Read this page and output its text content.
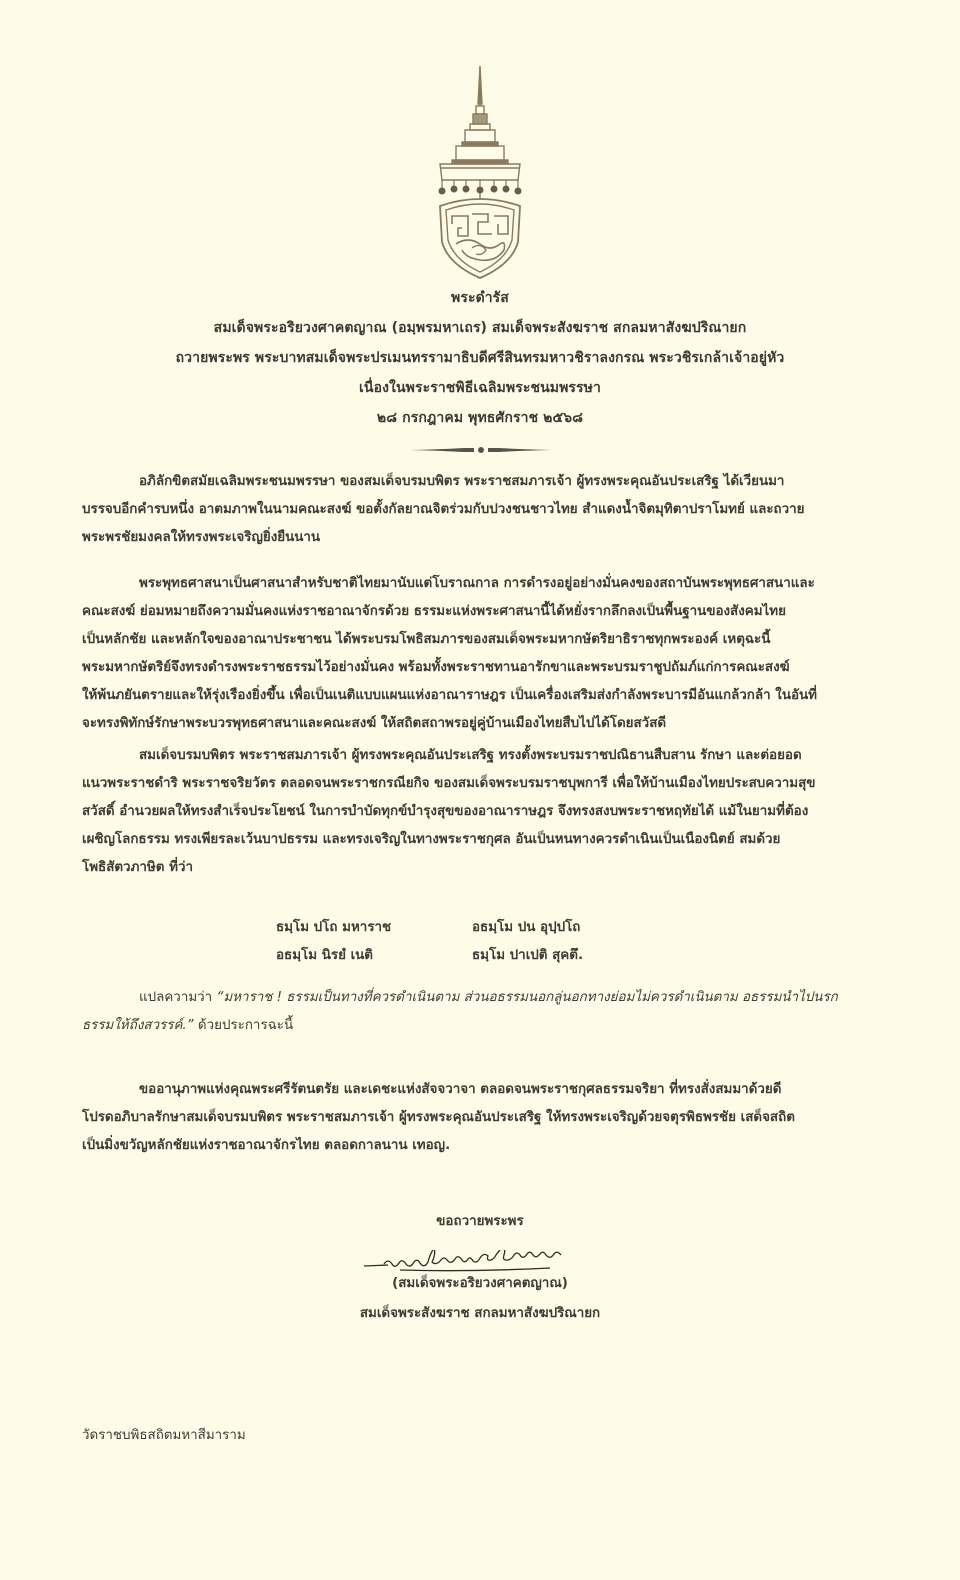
พระดำรัส
สมเด็จพระอริยวงศาคตญาณ (อมฺพรมหาเถร) สมเด็จพระสังฆราช สกลมหาสังฆปริณายก
ถวายพระพร พระบาทสมเด็จพระปรเมนทรรามาธิบดีศรีสินทรมหาวชิราลงกรณ พระวชิรเกล้าเจ้าอยู่หัว
เนื่องในพระราชพิธีเฉลิมพระชนมพรรษา
๒๘ กรกฎาคม พุทธศักราช ๒๕๖๘

อภิลักขิตสมัยเฉลิมพระชนมพรรษา ของสมเด็จบรมบพิตร พระราชสมภารเจ้า ผู้ทรงพระคุณอันประเสริฐ ได้เวียนมา
บรรจบอีกคำรบหนึ่ง อาตมภาพในนามคณะสงฆ์ ขอตั้งกัลยาณจิตร่วมกับปวงชนชาวไทย สำแดงน้ำจิตมุทิตาปราโมทย์ และถวาย
พระพรชัยมงคลให้ทรงพระเจริญยิ่งยืนนาน

พระพุทธศาสนาเป็นศาสนาสำหรับชาติไทยมานับแต่โบราณกาล การดำรงอยู่อย่างมั่นคงของสถาบันพระพุทธศาสนาและ
คณะสงฆ์ ย่อมหมายถึงความมั่นคงแห่งราชอาณาจักรด้วย ธรรมะแห่งพระศาสนานี้ได้หยั่งรากลึกลงเป็นพื้นฐานของสังคมไทย
เป็นหลักชัย และหลักใจของอาณาประชาชน ได้พระบรมโพธิสมภารของสมเด็จพระมหากษัตริยาธิราชทุกพระองค์ เหตุฉะนี้
พระมหากษัตริย์จึงทรงดำรงพระราชธรรมไว้อย่างมั่นคง พร้อมทั้งพระราชทานอารักขาและพระบรมราชูปถัมภ์แก่การคณะสงฆ์
ให้พ้นภยันตรายและให้รุ่งเรืองยิ่งขึ้น เพื่อเป็นเนติแบบแผนแห่งอาณาราษฎร เป็นเครื่องเสริมส่งกำลังพระบารมีอันแกล้วกล้า ในอันที่
จะทรงพิทักษ์รักษาพระบวรพุทธศาสนาและคณะสงฆ์ ให้สถิตสถาพรอยู่คู่บ้านเมืองไทยสืบไปได้โดยสวัสดี

สมเด็จบรมบพิตร พระราชสมภารเจ้า ผู้ทรงพระคุณอันประเสริฐ ทรงตั้งพระบรมราชปณิธานสืบสาน รักษา และต่อยอด
แนวพระราชดำริ พระราชจริยวัตร ตลอดจนพระราชกรณียกิจ ของสมเด็จพระบรมราชบุพการี เพื่อให้บ้านเมืองไทยประสบความสุข
สวัสดิ์ อำนวยผลให้ทรงสำเร็จประโยชน์ ในการบำบัดทุกข์บำรุงสุขของอาณาราษฎร จึงทรงสงบพระราชหฤทัยได้ แม้ในยามที่ต้อง
เผชิญโลกธรรม ทรงเพียรละเว้นบาปธรรม และทรงเจริญในทางพระราชกุศล อันเป็นหนทางควรดำเนินเป็นเนืองนิตย์ สมด้วย
โพธิสัตวภาษิต ที่ว่า

ธมฺโม ปโถ มหาราช	อธมฺโม ปน อุปฺปโถ
อธมฺโม นิรยํ เนติ	ธมฺโม ปาเปติ สุคตึ.

แปลความว่า “มหาราช ! ธรรมเป็นทางที่ควรดำเนินตาม ส่วนอธรรมนอกลู่นอกทางย่อมไม่ควรดำเนินตาม อธรรมนำไปนรก
ธรรมให้ถึงสวรรค์.” ด้วยประการฉะนี้

ขออานุภาพแห่งคุณพระศรีรัตนตรัย และเดชะแห่งสัจจวาจา ตลอดจนพระราชกุศลธรรมจริยา ที่ทรงสั่งสมมาด้วยดี
โปรดอภิบาลรักษาสมเด็จบรมบพิตร พระราชสมภารเจ้า ผู้ทรงพระคุณอันประเสริฐ ให้ทรงพระเจริญด้วยจตุรพิธพรชัย เสด็จสถิต
เป็นมิ่งขวัญหลักชัยแห่งราชอาณาจักรไทย ตลอดกาลนาน เทอญ.

ขอถวายพระพร
(สมเด็จพระอริยวงศาคตญาณ)
สมเด็จพระสังฆราช สกลมหาสังฆปริณายก
วัดราชบพิธสถิตมหาสีมาราม
